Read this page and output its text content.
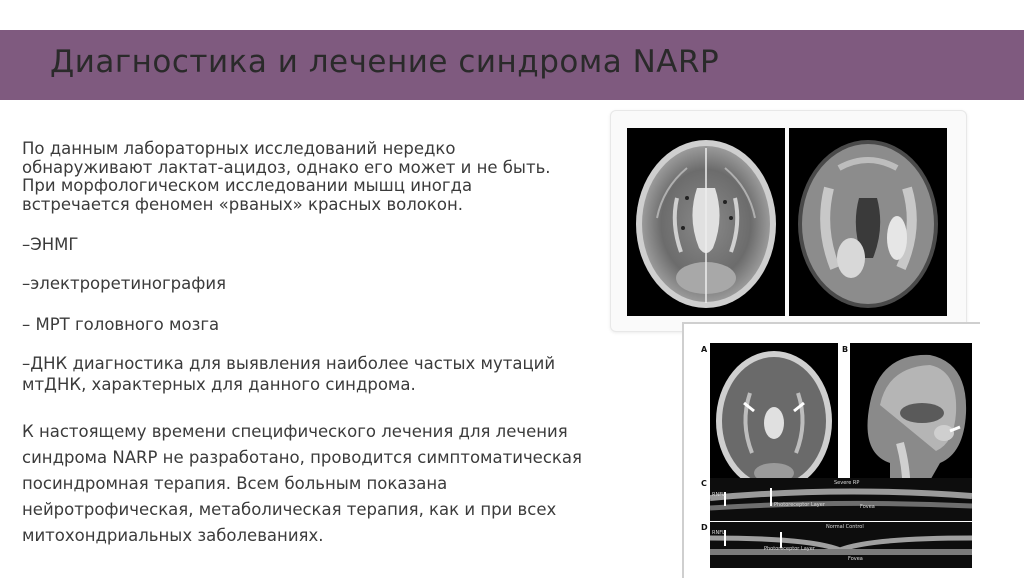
Диагностика и лечение синдрома NARP
По данным лабораторных исследований нередко обнаруживают лактат-ацидоз, однако его может и не быть. При морфологическом исследовании мышц иногда встречается феномен «рваных» красных волокон.
–ЭНМГ
–электроретинография
– МРТ головного мозга
–ДНК диагностика для выявления наиболее частых мутаций мтДНК, характерных для данного синдрома.
К настоящему времени специфического лечения для лечения синдрома NARP не разработано, проводится симптоматическая посиндромная терапия. Всем больным показана нейротрофическая, метаболическая терапия, как и при всех митохондриальных заболеваниях.
A	B
C	Severe RP
RNFL
Photoreceptor Layer	Fovea
D	Normal Control
RNFL
Photoreceptor Layer
Fovea
